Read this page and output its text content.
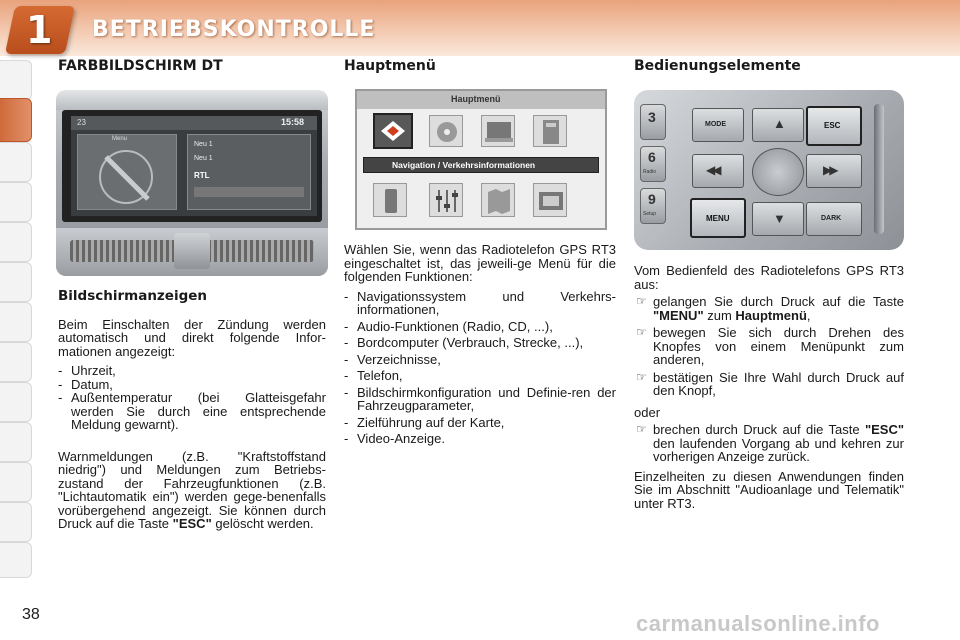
1 BETRIEBSKONTROLLE
FARBBILDSCHIRM DT
23	15:58
Menu
Neu 1
Neu 1
RTL
Bildschirmanzeigen

Beim Einschalten der Zündung werden automatisch und direkt folgende Infor-mationen angezeigt:

- Uhrzeit,
- Datum,
- Außentemperatur (bei Glatteisgefahr werden Sie durch eine entsprechende Meldung gewarnt).

Warnmeldungen (z.B. "Kraftstoffstand niedrig") und Meldungen zum Betriebs-zustand der Fahrzeugfunktionen (z.B. "Lichtautomatik ein") werden gege-benenfalls vorübergehend angezeigt. Sie können durch Druck auf die Taste "ESC" gelöscht werden.

Hauptmenü
Hauptmenü
Navigation / Verkehrsinformationen

Wählen Sie, wenn das Radiotelefon GPS RT3 eingeschaltet ist, das jeweili-ge Menü für die folgenden Funktionen:

- Navigationssystem und Verkehrs-informationen,
- Audio-Funktionen (Radio, CD, ...),
- Bordcomputer (Verbrauch, Strecke, ...),
- Verzeichnisse,
- Telefon,
- Bildschirmkonfiguration und Definie-ren der Fahrzeugparameter,
- Zielführung auf der Karte,
- Video-Anzeige.
Bedienungselemente
3
6
Radio
9
Setup
MODE	▲	ESC
◀◀	▶▶
MENU	▼	DARK

Vom Bedienfeld des Radiotelefons GPS RT3 aus:

☞ gelangen Sie durch Druck auf die Taste "MENU" zum Hauptmenü,
☞ bewegen Sie sich durch Drehen des Knopfes von einem Menüpunkt zum anderen,
☞ bestätigen Sie Ihre Wahl durch Druck auf den Knopf,

oder

☞ brechen durch Druck auf die Taste "ESC" den laufenden Vorgang ab und kehren zur vorherigen Anzeige zurück.

Einzelheiten zu diesen Anwendungen finden Sie im Abschnitt "Audioanlage und Telematik" unter RT3.

38	carmanualsonline.info
